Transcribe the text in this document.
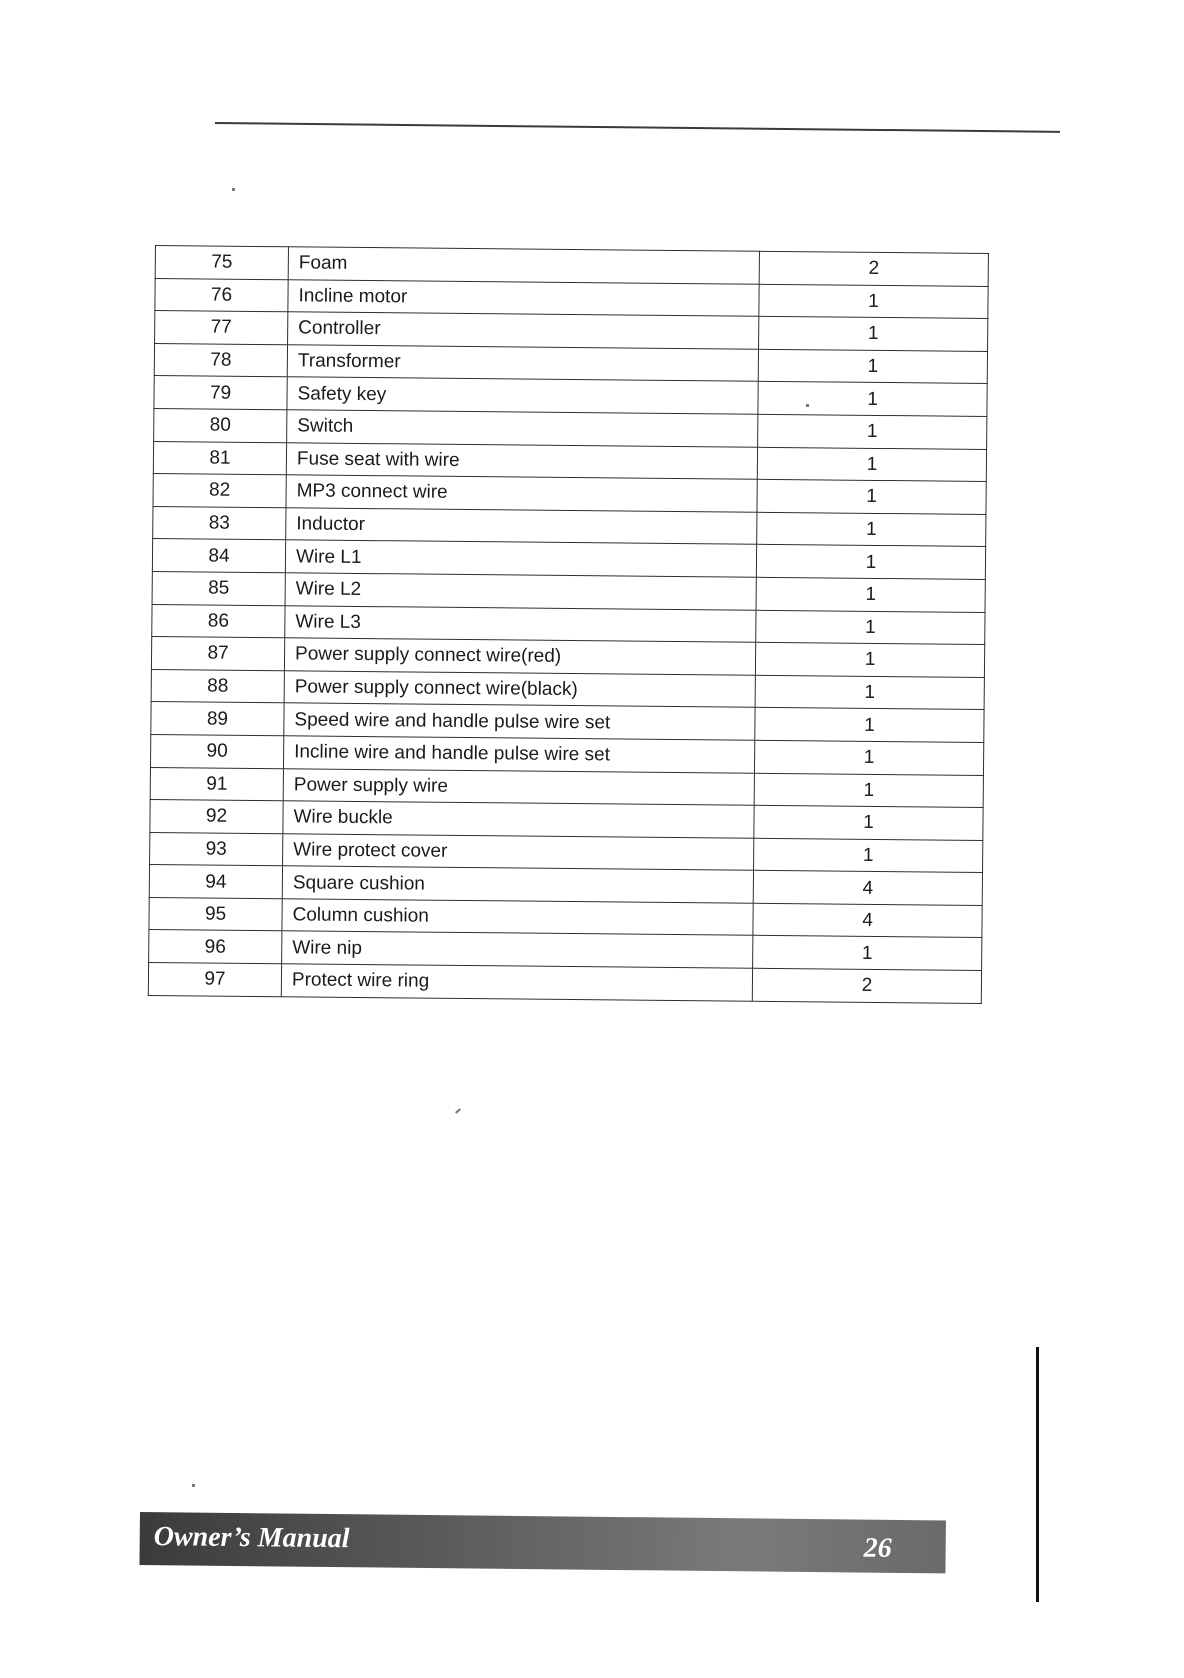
75	Foam	2
76	Incline motor	1
77	Controller	1
78	Transformer	1
79	Safety key	1
80	Switch	1
81	Fuse seat with wire	1
82	MP3 connect wire	1
83	Inductor	1
84	Wire L1	1
85	Wire L2	1
86	Wire L3	1
87	Power supply connect wire(red)	1
88	Power supply connect wire(black)	1
89	Speed wire and handle pulse wire set	1
90	Incline wire and handle pulse wire set	1
91	Power supply wire	1
92	Wire buckle	1
93	Wire protect cover	1
94	Square cushion	4
95	Column cushion	4
96	Wire nip	1
97	Protect wire ring	2
Owner’s Manual	26
